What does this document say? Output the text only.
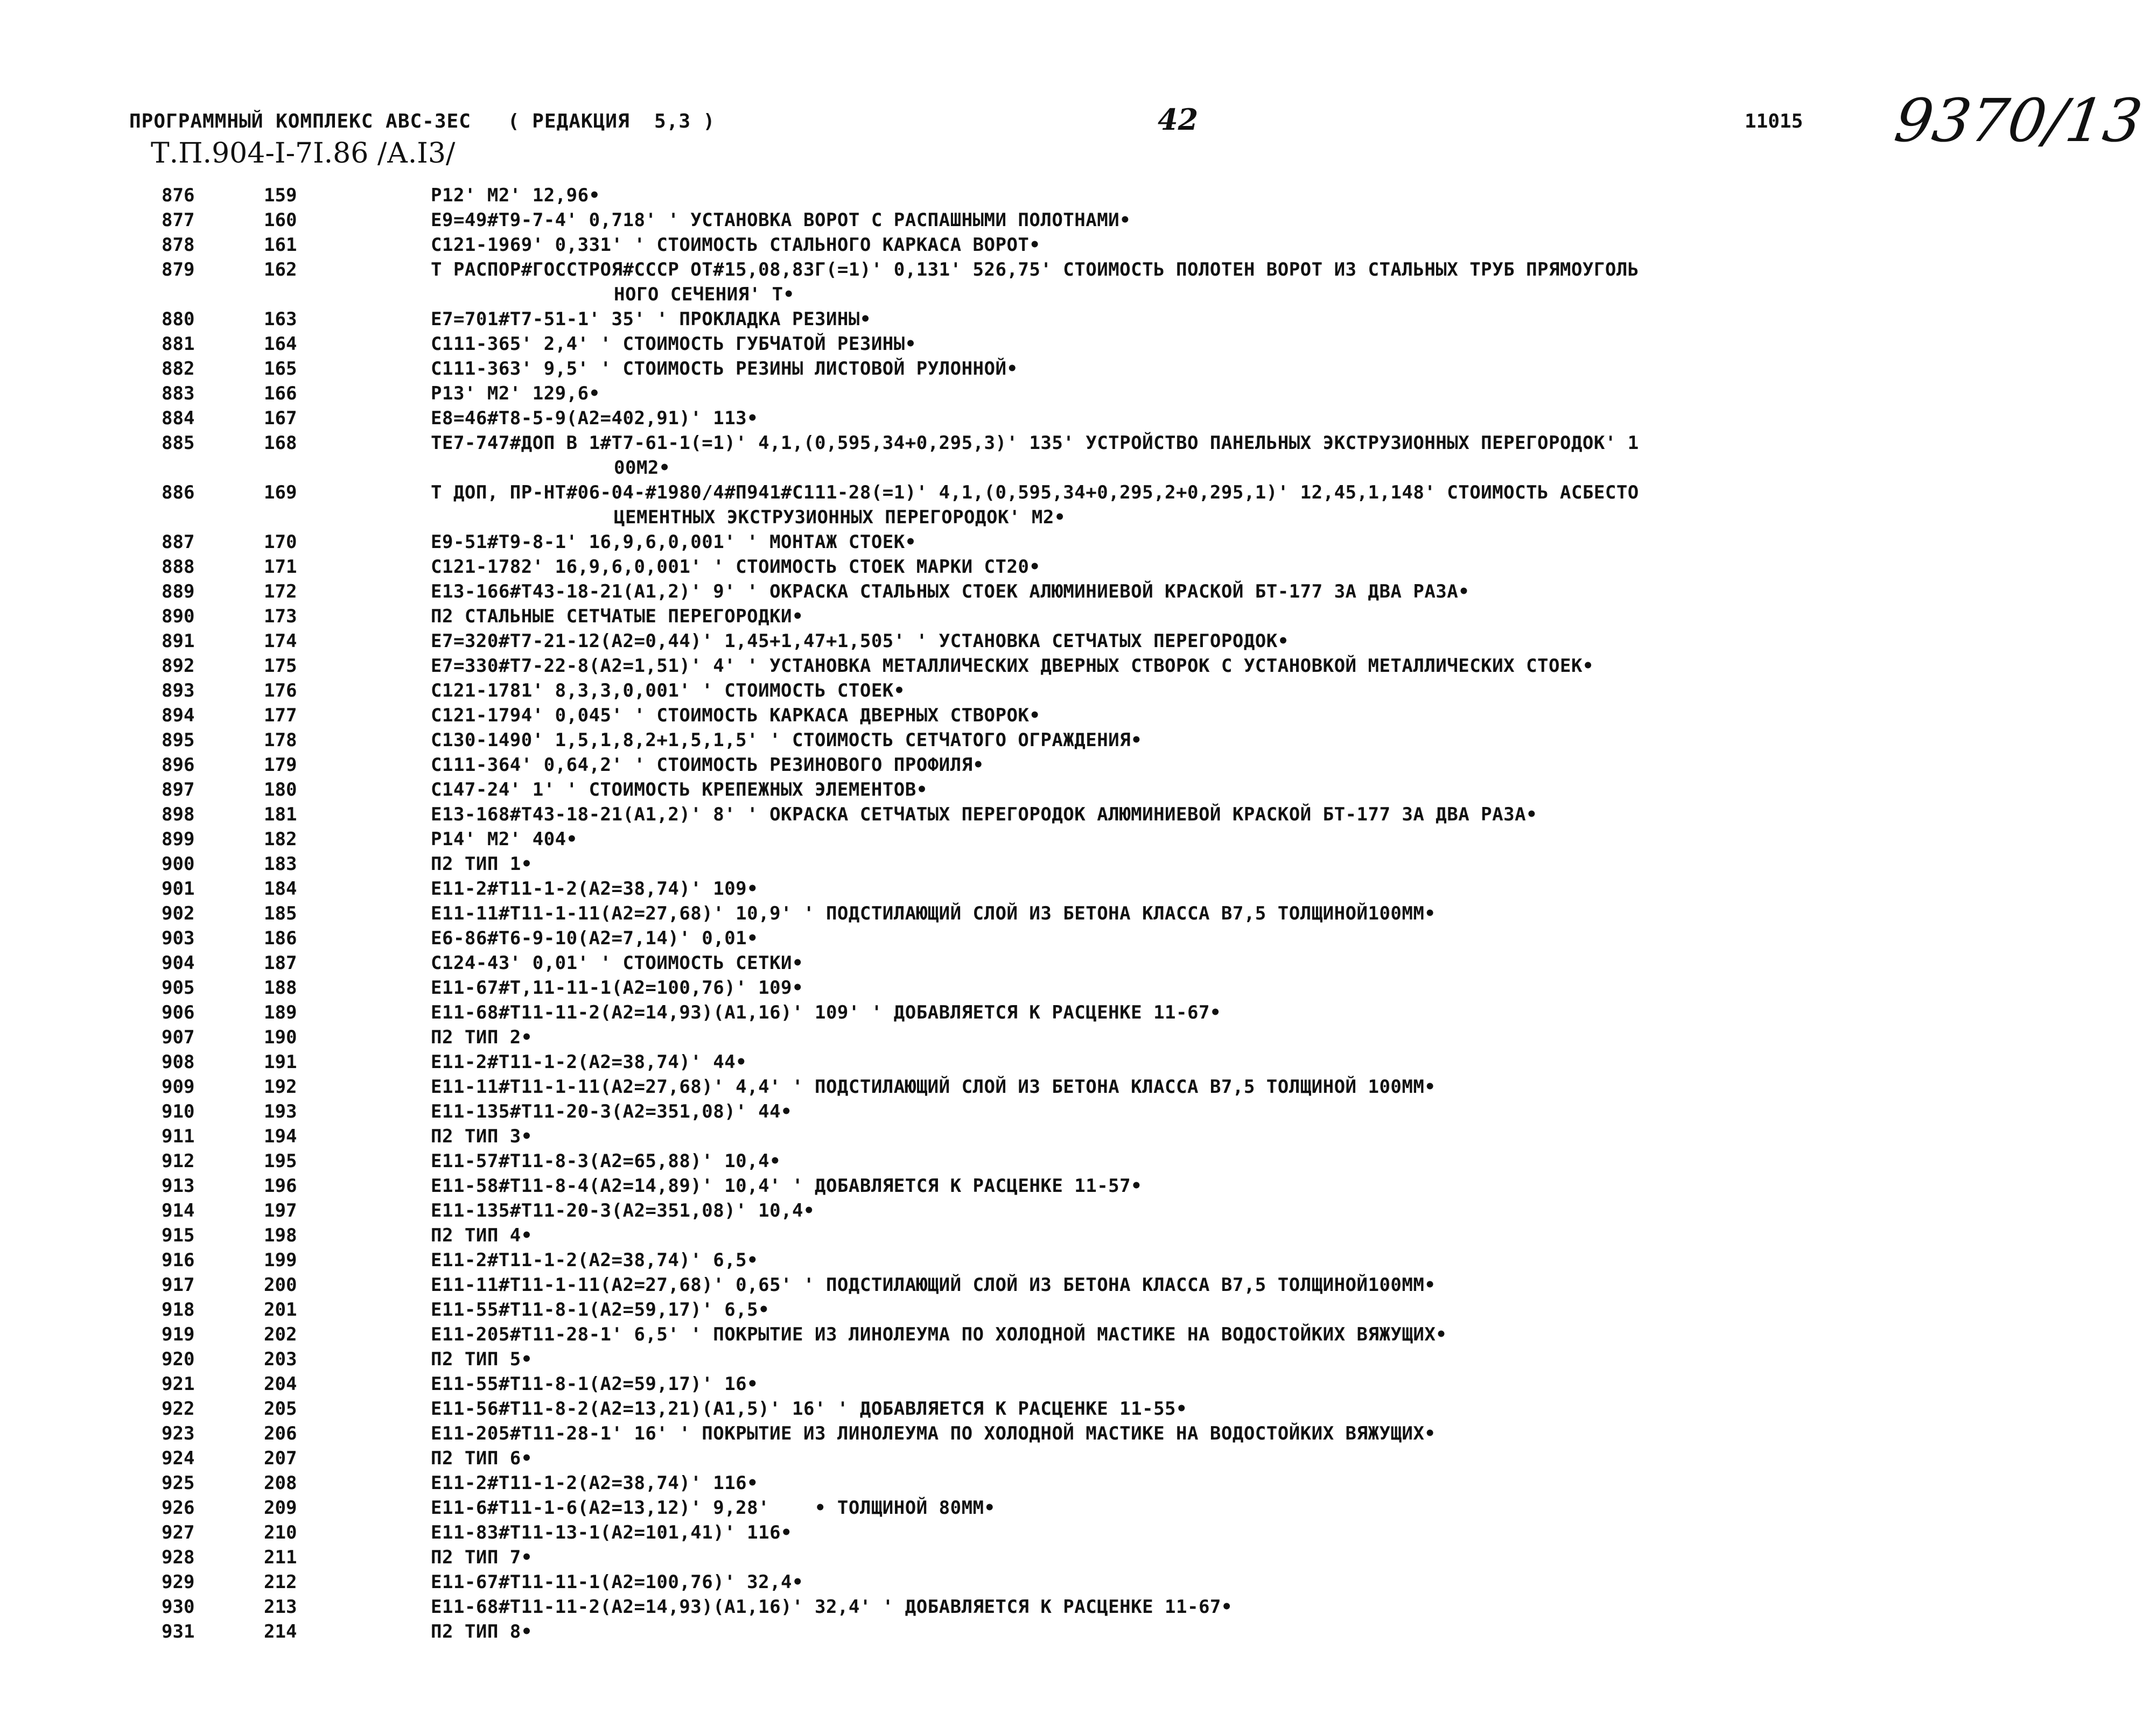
ПРОГРАММНЫЙ КОМПЛЕКС АВС-ЗЕС   ( РЕДАКЦИЯ  5,3 )	42	11015 9370/13
Т.П.904-I-7I.86 /А.I3/
876	159	Р12' М2' 12,96•
877	160	Е9=49#Т9-7-4' 0,718' ' УСТАНОВКА ВОРОТ С РАСПАШНЫМИ ПОЛОТНАМИ•
878	161	С121-1969' 0,331' ' СТОИМОСТЬ СТАЛЬНОГО КАРКАСА ВОРОТ•
879	162	Т РАСПОР#ГОССТРОЯ#СССР ОТ#15,08,83Г(=1)' 0,131' 526,75' СТОИМОСТЬ ПОЛОТЕН ВОРОТ ИЗ СТАЛЬНЫХ ТРУБ ПРЯМОУГОЛЬ
НОГО СЕЧЕНИЯ' Т•
880	163	Е7=701#Т7-51-1' 35' ' ПРОКЛАДКА РЕЗИНЫ•
881	164	С111-365' 2,4' ' СТОИМОСТЬ ГУБЧАТОЙ РЕЗИНЫ•
882	165	С111-363' 9,5' ' СТОИМОСТЬ РЕЗИНЫ ЛИСТОВОЙ РУЛОННОЙ•
883	166	Р13' М2' 129,6•
884	167	Е8=46#Т8-5-9(А2=402,91)' 113•
885	168	ТЕ7-747#ДОП В 1#Т7-61-1(=1)' 4,1,(0,595,34+0,295,3)' 135' УСТРОЙСТВО ПАНЕЛЬНЫХ ЭКСТРУЗИОННЫХ ПЕРЕГОРОДОК' 1
00М2•
886	169	Т ДОП, ПР-НТ#06-04-#1980/4#П941#С111-28(=1)' 4,1,(0,595,34+0,295,2+0,295,1)' 12,45,1,148' СТОИМОСТЬ АСБЕСТО
ЦЕМЕНТНЫХ ЭКСТРУЗИОННЫХ ПЕРЕГОРОДОК' М2•
887	170	Е9-51#Т9-8-1' 16,9,6,0,001' ' МОНТАЖ СТОЕК•
888	171	С121-1782' 16,9,6,0,001' ' СТОИМОСТЬ СТОЕК МАРКИ СТ20•
889	172	Е13-166#Т43-18-21(А1,2)' 9' ' ОКРАСКА СТАЛЬНЫХ СТОЕК АЛЮМИНИЕВОЙ КРАСКОЙ БТ-177 ЗА ДВА РАЗА•
890	173	П2 СТАЛЬНЫЕ СЕТЧАТЫЕ ПЕРЕГОРОДКИ•
891	174	Е7=320#Т7-21-12(А2=0,44)' 1,45+1,47+1,505' ' УСТАНОВКА СЕТЧАТЫХ ПЕРЕГОРОДОК•
892	175	Е7=330#Т7-22-8(А2=1,51)' 4' ' УСТАНОВКА МЕТАЛЛИЧЕСКИХ ДВЕРНЫХ СТВОРОК С УСТАНОВКОЙ МЕТАЛЛИЧЕСКИХ СТОЕК•
893	176	С121-1781' 8,3,3,0,001' ' СТОИМОСТЬ СТОЕК•
894	177	С121-1794' 0,045' ' СТОИМОСТЬ КАРКАСА ДВЕРНЫХ СТВОРОК•
895	178	С130-1490' 1,5,1,8,2+1,5,1,5' ' СТОИМОСТЬ СЕТЧАТОГО ОГРАЖДЕНИЯ•
896	179	С111-364' 0,64,2' ' СТОИМОСТЬ РЕЗИНОВОГО ПРОФИЛЯ•
897	180	С147-24' 1' ' СТОИМОСТЬ КРЕПЕЖНЫХ ЭЛЕМЕНТОВ•
898	181	Е13-168#Т43-18-21(А1,2)' 8' ' ОКРАСКА СЕТЧАТЫХ ПЕРЕГОРОДОК АЛЮМИНИЕВОЙ КРАСКОЙ БТ-177 ЗА ДВА РАЗА•
899	182	Р14' М2' 404•
900	183	П2 ТИП 1•
901	184	Е11-2#Т11-1-2(А2=38,74)' 109•
902	185	Е11-11#Т11-1-11(А2=27,68)' 10,9' ' ПОДСТИЛАЮЩИЙ СЛОЙ ИЗ БЕТОНА КЛАССА В7,5 ТОЛЩИНОЙ100ММ•
903	186	Е6-86#Т6-9-10(А2=7,14)' 0,01•
904	187	С124-43' 0,01' ' СТОИМОСТЬ СЕТКИ•
905	188	Е11-67#Т,11-11-1(А2=100,76)' 109•
906	189	Е11-68#Т11-11-2(А2=14,93)(А1,16)' 109' ' ДОБАВЛЯЕТСЯ К РАСЦЕНКЕ 11-67•
907	190	П2 ТИП 2•
908	191	Е11-2#Т11-1-2(А2=38,74)' 44•
909	192	Е11-11#Т11-1-11(А2=27,68)' 4,4' ' ПОДСТИЛАЮЩИЙ СЛОЙ ИЗ БЕТОНА КЛАССА В7,5 ТОЛЩИНОЙ 100ММ•
910	193	Е11-135#Т11-20-3(А2=351,08)' 44•
911	194	П2 ТИП 3•
912	195	Е11-57#Т11-8-3(А2=65,88)' 10,4•
913	196	Е11-58#Т11-8-4(А2=14,89)' 10,4' ' ДОБАВЛЯЕТСЯ К РАСЦЕНКЕ 11-57•
914	197	Е11-135#Т11-20-3(А2=351,08)' 10,4•
915	198	П2 ТИП 4•
916	199	Е11-2#Т11-1-2(А2=38,74)' 6,5•
917	200	Е11-11#Т11-1-11(А2=27,68)' 0,65' ' ПОДСТИЛАЮЩИЙ СЛОЙ ИЗ БЕТОНА КЛАССА В7,5 ТОЛЩИНОЙ100ММ•
918	201	Е11-55#Т11-8-1(А2=59,17)' 6,5•
919	202	Е11-205#Т11-28-1' 6,5' ' ПОКРЫТИЕ ИЗ ЛИНОЛЕУМА ПО ХОЛОДНОЙ МАСТИКЕ НА ВОДОСТОЙКИХ ВЯЖУЩИХ•
920	203	П2 ТИП 5•
921	204	Е11-55#Т11-8-1(А2=59,17)' 16•
922	205	Е11-56#Т11-8-2(А2=13,21)(А1,5)' 16' ' ДОБАВЛЯЕТСЯ К РАСЦЕНКЕ 11-55•
923	206	Е11-205#Т11-28-1' 16' ' ПОКРЫТИЕ ИЗ ЛИНОЛЕУМА ПО ХОЛОДНОЙ МАСТИКЕ НА ВОДОСТОЙКИХ ВЯЖУЩИХ•
924	207	П2 ТИП 6•
925	208	Е11-2#Т11-1-2(А2=38,74)' 116•
926	209	Е11-6#Т11-1-6(А2=13,12)' 9,28'    • ТОЛЩИНОЙ 80ММ•
927	210	Е11-83#Т11-13-1(А2=101,41)' 116•
928	211	П2 ТИП 7•
929	212	Е11-67#Т11-11-1(А2=100,76)' 32,4•
930	213	Е11-68#Т11-11-2(А2=14,93)(А1,16)' 32,4' ' ДОБАВЛЯЕТСЯ К РАСЦЕНКЕ 11-67•
931	214	П2 ТИП 8•
